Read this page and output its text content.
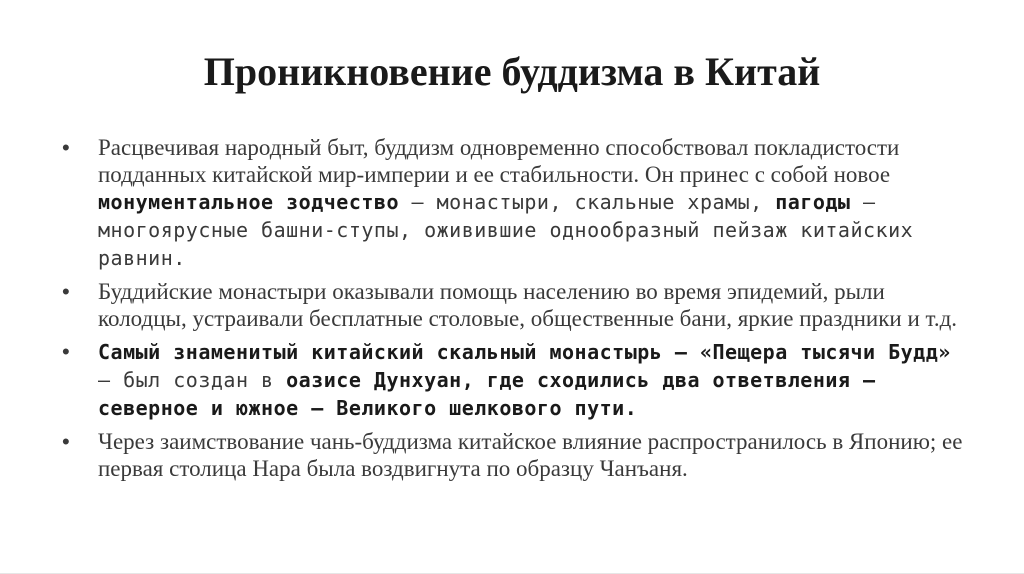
Проникновение буддизма в Китай
•	Расцвечивая народный быт, буддизм одновременно способствовал покладистости подданных китайской мир-империи и ее стабильности. Он принес с собой новое монументальное зодчество — монастыри, скальные храмы, пагоды — многоярусные башни-ступы, оживившие однообразный пейзаж китайских равнин.
•	Буддийские монастыри оказывали помощь населению во время эпидемий, рыли колодцы, устраивали бесплатные столовые, общественные бани, яркие праздники и т.д.
•	Самый знаменитый китайский скальный монастырь — «Пещера тысячи Будд» — был создан в оазисе Дунхуан, где сходились два ответвления — северное и южное — Великого шелкового пути.
•	Через заимствование чань-буддизма китайское влияние распространилось в Японию; ее первая столица Нара была воздвигнута по образцу Чанъаня.
